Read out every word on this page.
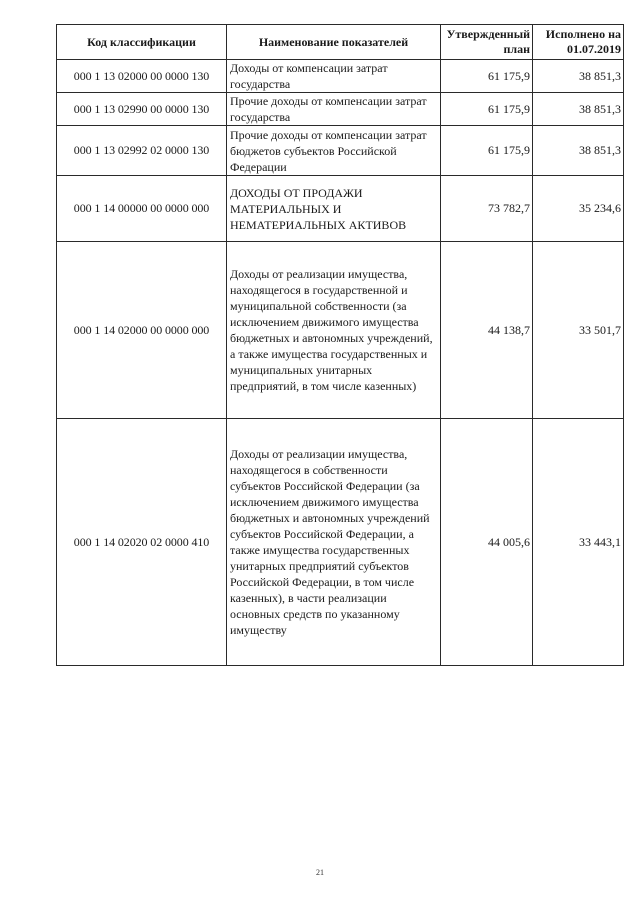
Код классификации	Наименование показателей	Утвержденный план	Исполнено на 01.07.2019
000 1 13 02000 00 0000 130	Доходы от компенсации затрат государства	61 175,9	38 851,3
000 1 13 02990 00 0000 130	Прочие доходы от компенсации затрат государства	61 175,9	38 851,3
000 1 13 02992 02 0000 130	Прочие доходы от компенсации затрат бюджетов субъектов Российской Федерации	61 175,9	38 851,3
000 1 14 00000 00 0000 000	ДОХОДЫ ОТ ПРОДАЖИ МАТЕРИАЛЬНЫХ И НЕМАТЕРИАЛЬНЫХ АКТИВОВ	73 782,7	35 234,6
000 1 14 02000 00 0000 000	Доходы от реализации имущества, находящегося в государственной и муниципальной собственности (за исключением движимого имущества бюджетных и автономных учреждений, а также имущества государственных и муниципальных унитарных предприятий, в том числе казенных)	44 138,7	33 501,7
000 1 14 02020 02 0000 410	Доходы от реализации имущества, находящегося в собственности субъектов Российской Федерации (за исключением движимого имущества бюджетных и автономных учреждений субъектов Российской Федерации, а также имущества государственных унитарных предприятий субъектов Российской Федерации, в том числе казенных), в части реализации основных средств по указанному имуществу	44 005,6	33 443,1
21
